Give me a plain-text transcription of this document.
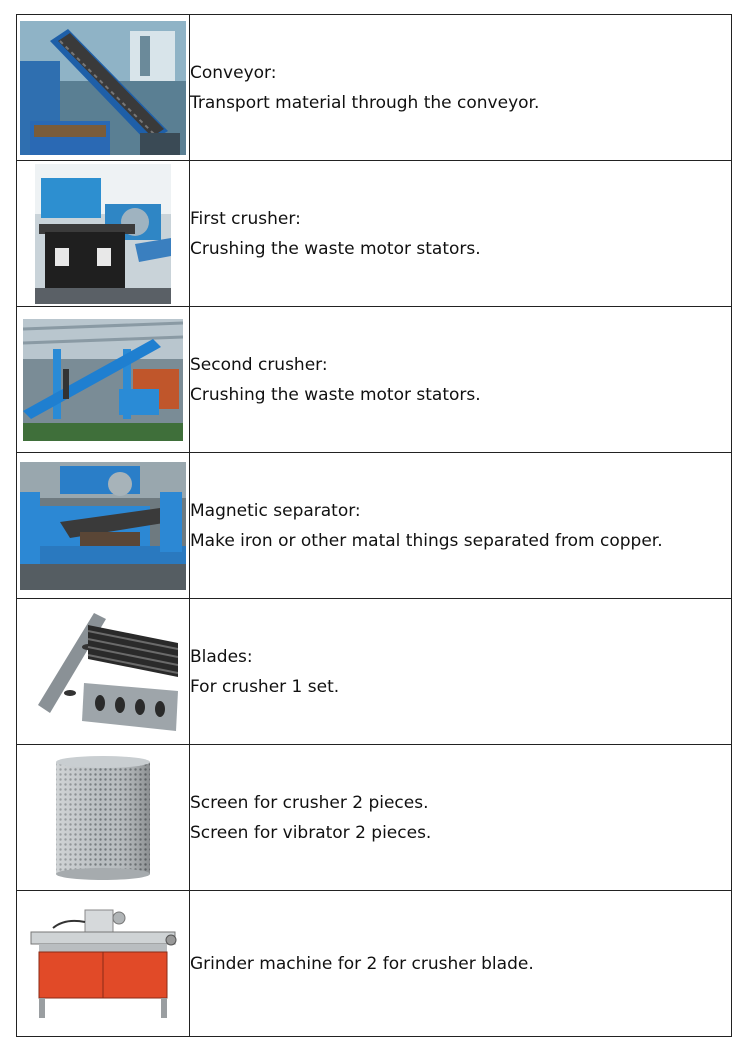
Conveyor:
Transport material through the conveyor.

First crusher:
Crushing the waste motor stators.

Second crusher:
Crushing the waste motor stators.

Magnetic separator:
Make iron or other matal things separated from copper.

Blades:
For crusher 1 set.

Screen for crusher 2 pieces.
Screen for vibrator 2 pieces.

Grinder machine for 2 for crusher blade.
